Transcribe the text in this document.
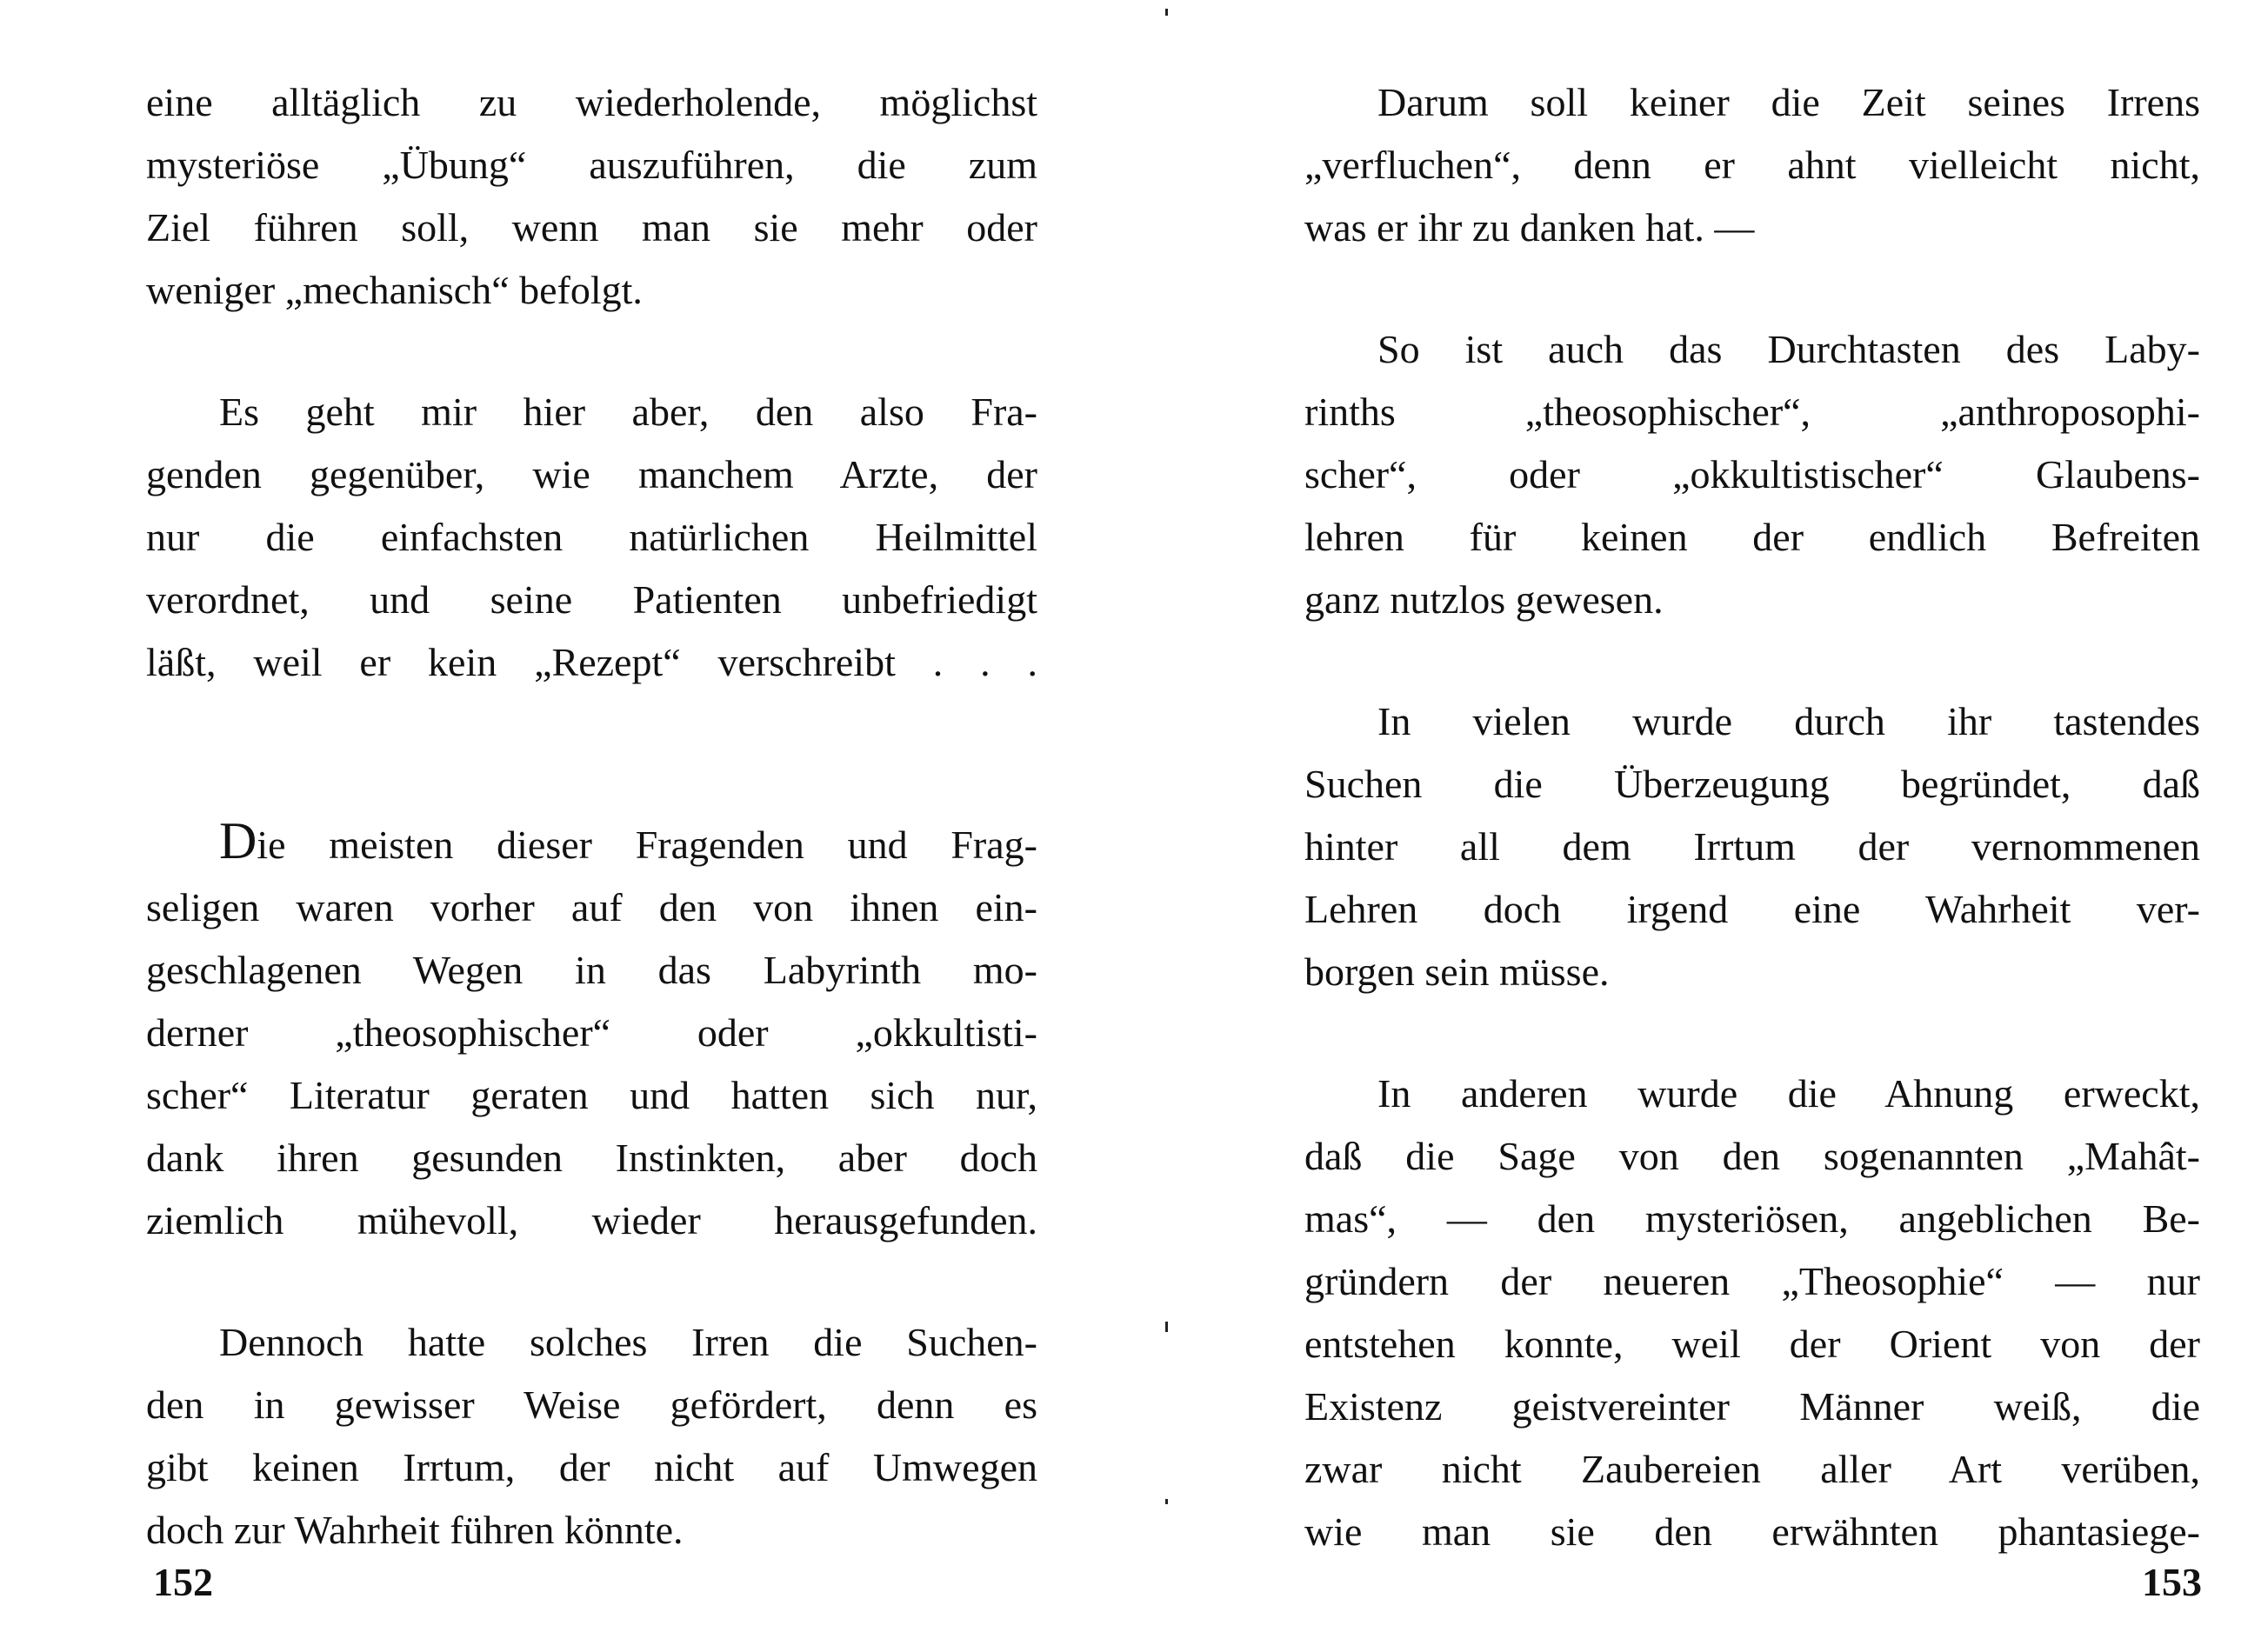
eine alltäglich zu wiederholende, möglichst
mysteriöse „Übung“ auszuführen, die zum
Ziel führen soll, wenn man sie mehr oder
weniger „mechanisch“ befolgt.

Es geht mir hier aber, den also Fra-
genden gegenüber, wie manchem Arzte, der
nur die einfachsten natürlichen Heilmittel
verordnet, und seine Patienten unbefriedigt
läßt, weil er kein „Rezept“ verschreibt . . .

Die meisten dieser Fragenden und Frag-
seligen waren vorher auf den von ihnen ein-
geschlagenen Wegen in das Labyrinth mo-
derner „theosophischer“ oder „okkultisti-
scher“ Literatur geraten und hatten sich nur,
dank ihren gesunden Instinkten, aber doch
ziemlich mühevoll, wieder herausgefunden.

Dennoch hatte solches Irren die Suchen-
den in gewisser Weise gefördert, denn es
gibt keinen Irrtum, der nicht auf Umwegen
doch zur Wahrheit führen könnte.

152

Darum soll keiner die Zeit seines Irrens
„verfluchen“, denn er ahnt vielleicht nicht,
was er ihr zu danken hat. —

So ist auch das Durchtasten des Laby-
rinths „theosophischer“, „anthroposophi-
scher“, oder „okkultistischer“ Glaubens-
lehren für keinen der endlich Befreiten
ganz nutzlos gewesen.

In vielen wurde durch ihr tastendes
Suchen die Überzeugung begründet, daß
hinter all dem Irrtum der vernommenen
Lehren doch irgend eine Wahrheit ver-
borgen sein müsse.

In anderen wurde die Ahnung erweckt,
daß die Sage von den sogenannten „Mahât-
mas“, — den mysteriösen, angeblichen Be-
gründern der neueren „Theosophie“ — nur
entstehen konnte, weil der Orient von der
Existenz geistvereinter Männer weiß, die
zwar nicht Zaubereien aller Art verüben,
wie man sie den erwähnten phantasiege-

153
